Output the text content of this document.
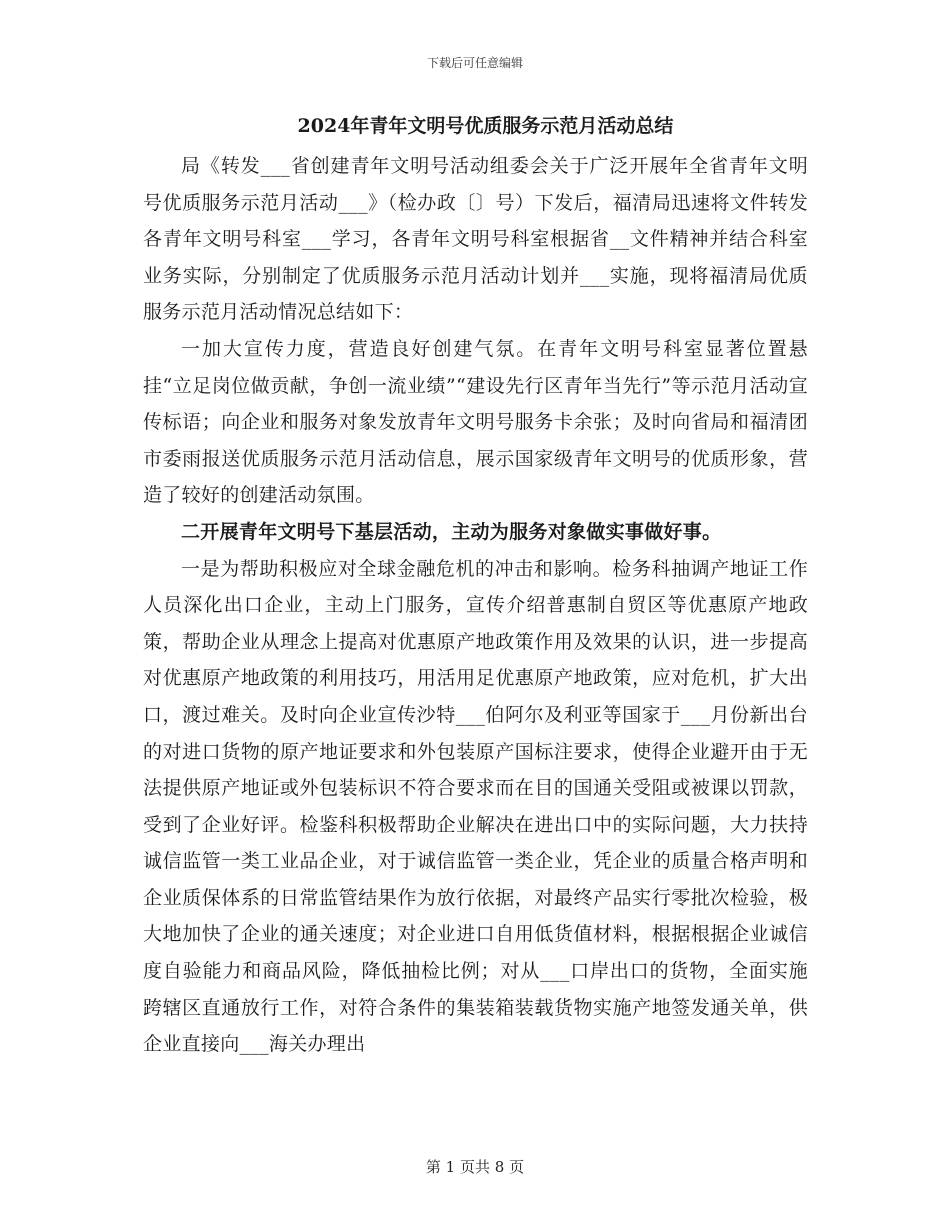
下载后可任意编辑
2024年青年文明号优质服务示范月活动总结

局《转发___省创建青年文明号活动组委会关于广泛开展年全省青年文明号优质服务示范月活动___》（检办政〔〕号）下发后，福清局迅速将文件转发各青年文明号科室___学习，各青年文明号科室根据省__文件精神并结合科室业务实际，分别制定了优质服务示范月活动计划并___实施，现将福清局优质服务示范月活动情况总结如下：

一加大宣传力度，营造良好创建气氛。在青年文明号科室显著位置悬挂“立足岗位做贡献，争创一流业绩”“建设先行区青年当先行”等示范月活动宣传标语；向企业和服务对象发放青年文明号服务卡余张；及时向省局和福清团市委雨报送优质服务示范月活动信息，展示国家级青年文明号的优质形象，营造了较好的创建活动氛围。

二开展青年文明号下基层活动，主动为服务对象做实事做好事。

一是为帮助积极应对全球金融危机的冲击和影响。检务科抽调产地证工作人员深化出口企业，主动上门服务，宣传介绍普惠制自贸区等优惠原产地政策，帮助企业从理念上提高对优惠原产地政策作用及效果的认识，进一步提高对优惠原产地政策的利用技巧，用活用足优惠原产地政策，应对危机，扩大出口，渡过难关。及时向企业宣传沙特___伯阿尔及利亚等国家于___月份新出台的对进口货物的原产地证要求和外包装原产国标注要求，使得企业避开由于无法提供原产地证或外包装标识不符合要求而在目的国通关受阻或被课以罚款，受到了企业好评。检鉴科积极帮助企业解决在进出口中的实际问题，大力扶持诚信监管一类工业品企业，对于诚信监管一类企业，凭企业的质量合格声明和企业质保体系的日常监管结果作为放行依据，对最终产品实行零批次检验，极大地加快了企业的通关速度；对企业进口自用低货值材料，根据根据企业诚信度自验能力和商品风险，降低抽检比例；对从___口岸出口的货物，全面实施跨辖区直通放行工作，对符合条件的集装箱装载货物实施产地签发通关单，供企业直接向___海关办理出

第 1 页共 8 页
